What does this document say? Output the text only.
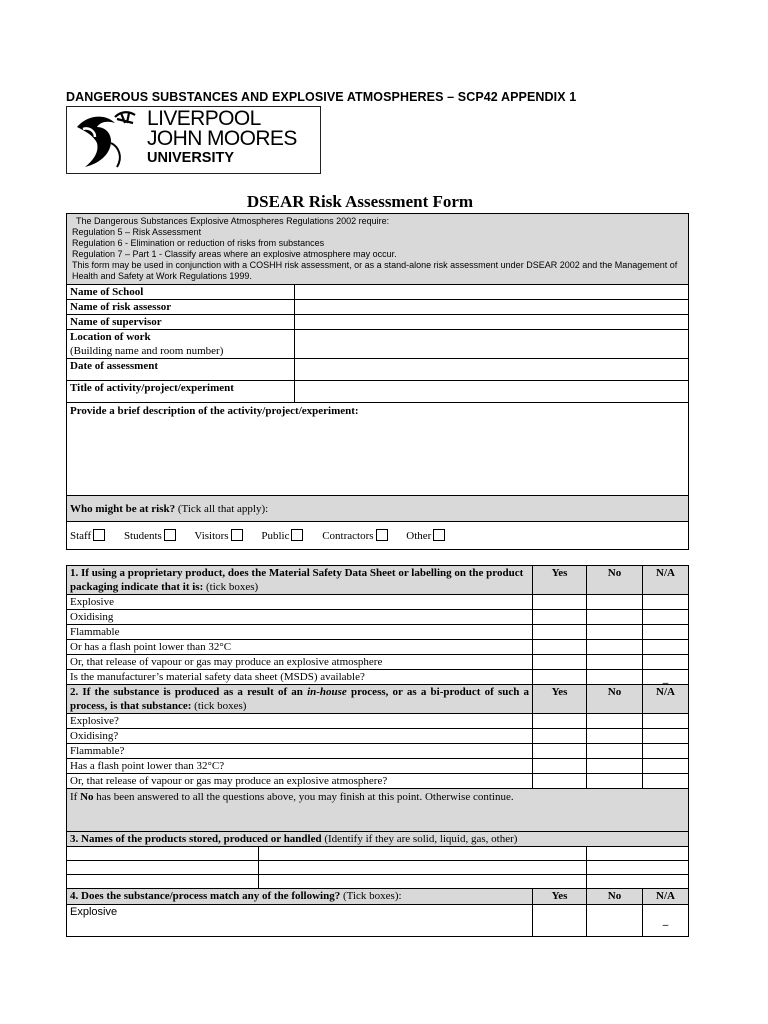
DANGEROUS SUBSTANCES AND EXPLOSIVE ATMOSPHERES – SCP42 APPENDIX 1
LIVERPOOL
JOHN MOORES
UNIVERSITY
DSEAR Risk Assessment Form
The Dangerous Substances Explosive Atmospheres Regulations 2002 require:
Regulation 5 – Risk Assessment
Regulation 6 - Elimination or reduction of risks from substances
Regulation 7 – Part 1 - Classify areas where an explosive atmosphere may occur.
This form may be used in conjunction with a COSHH risk assessment, or as a stand-alone risk assessment under DSEAR 2002 and the Management of Health and Safety at Work Regulations 1999.	

Name of School	
Name of risk assessor	
Name of supervisor	

Location of work
(Building name and room number)	

Date of assessment	
Title of activity/project/experiment	
Provide a brief description of the activity/project/experiment:	
Who might be at risk? (Tick all that apply):	
Staff Students Visitors Public Contractors Other	
1. If using a proprietary product, does the Material Safety Data Sheet or labelling on the product packaging indicate that it is: (tick boxes)		Yes	No	N/A
Explosive				
Oxidising				
Flammable				
Or has a flash point lower than 32°C				
Or, that release of vapour or gas may produce an explosive atmosphere				
Is the manufacturer’s material safety data sheet (MSDS) available?				_
2. If the substance is produced as a result of an in-house process, or as a bi-product of such a process, is that substance: (tick boxes)		Yes	No	N/A
Explosive?				
Oxidising?				
Flammable?				
Has a flash point lower than 32°C?				
Or, that release of vapour or gas may produce an explosive atmosphere?				
If No has been answered to all the questions above, you may finish at this point. Otherwise continue.				
3. Names of the products stored, produced or handled (Identify if they are solid, liquid, gas, other)				

4. Does the substance/process match any of the following? (Tick boxes):		Yes	No	N/A
Explosive				_
